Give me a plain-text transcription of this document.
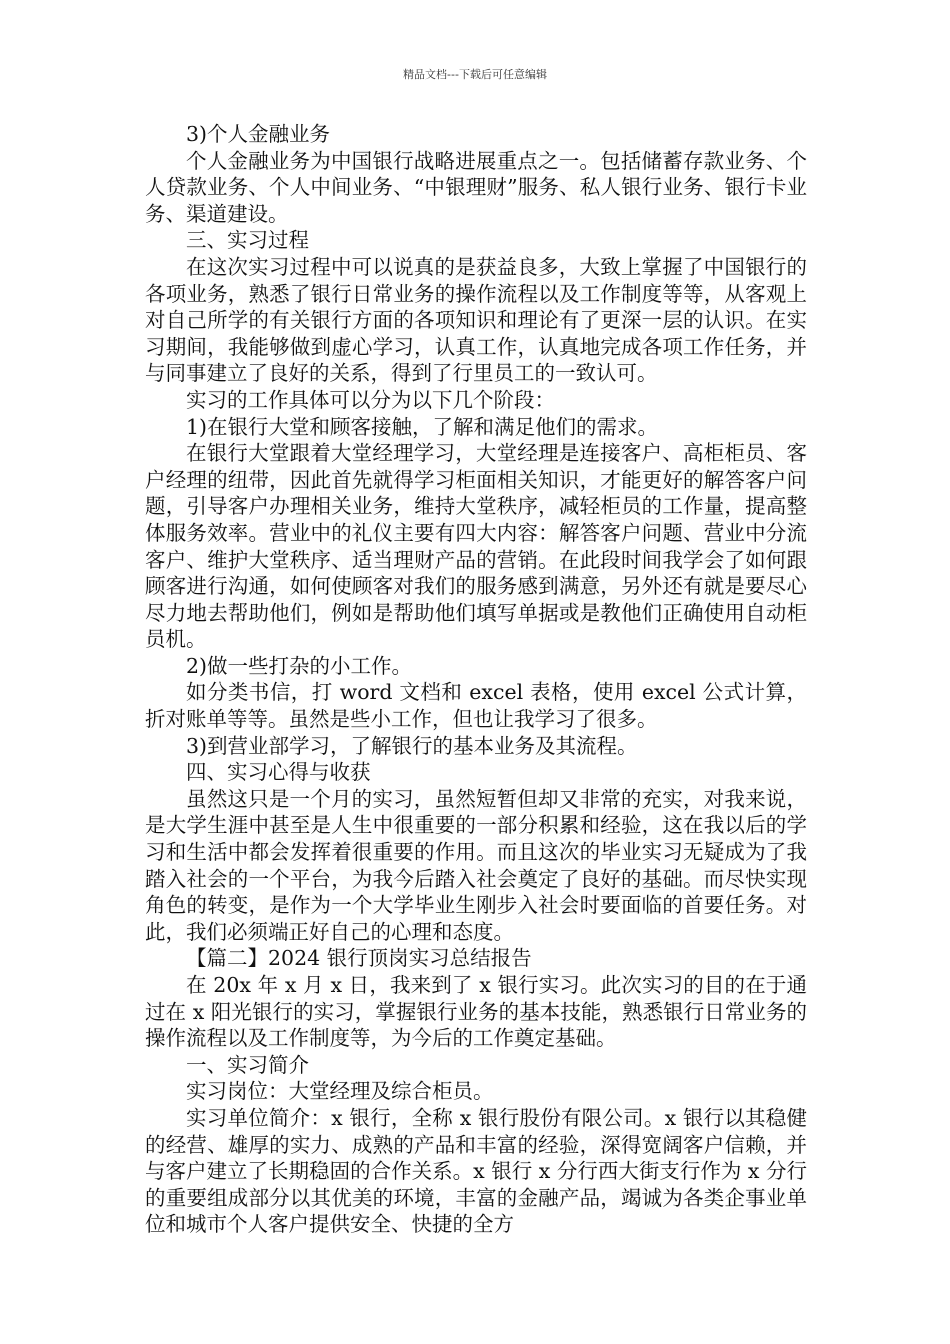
精品文档---下载后可任意编辑

3)个人金融业务

个人金融业务为中国银行战略进展重点之一。包括储蓄存款业务、个人贷款业务、个人中间业务、“中银理财”服务、私人银行业务、银行卡业务、渠道建设。

三、实习过程

在这次实习过程中可以说真的是获益良多，大致上掌握了中国银行的各项业务，熟悉了银行日常业务的操作流程以及工作制度等等，从客观上对自己所学的有关银行方面的各项知识和理论有了更深一层的认识。在实习期间，我能够做到虚心学习，认真工作，认真地完成各项工作任务，并与同事建立了良好的关系，得到了行里员工的一致认可。

实习的工作具体可以分为以下几个阶段：

1)在银行大堂和顾客接触，了解和满足他们的需求。

在银行大堂跟着大堂经理学习，大堂经理是连接客户、高柜柜员、客户经理的纽带，因此首先就得学习柜面相关知识，才能更好的解答客户问题，引导客户办理相关业务，维持大堂秩序，减轻柜员的工作量，提高整体服务效率。营业中的礼仪主要有四大内容：解答客户问题、营业中分流客户、维护大堂秩序、适当理财产品的营销。在此段时间我学会了如何跟顾客进行沟通，如何使顾客对我们的服务感到满意，另外还有就是要尽心尽力地去帮助他们，例如是帮助他们填写单据或是教他们正确使用自动柜员机。

2)做一些打杂的小工作。

如分类书信，打 word 文档和 excel 表格，使用 excel 公式计算，折对账单等等。虽然是些小工作，但也让我学习了很多。

3)到营业部学习，了解银行的基本业务及其流程。

四、实习心得与收获

虽然这只是一个月的实习，虽然短暂但却又非常的充实，对我来说，是大学生涯中甚至是人生中很重要的一部分积累和经验，这在我以后的学习和生活中都会发挥着很重要的作用。而且这次的毕业实习无疑成为了我踏入社会的一个平台，为我今后踏入社会奠定了良好的基础。而尽快实现角色的转变，是作为一个大学毕业生刚步入社会时要面临的首要任务。对此，我们必须端正好自己的心理和态度。

【篇二】2024 银行顶岗实习总结报告

在 20x 年 x 月 x 日，我来到了 x 银行实习。此次实习的目的在于通过在 x 阳光银行的实习，掌握银行业务的基本技能，熟悉银行日常业务的操作流程以及工作制度等，为今后的工作奠定基础。

一、实习简介

实习岗位：大堂经理及综合柜员。

实习单位简介：x 银行，全称 x 银行股份有限公司。x 银行以其稳健的经营、雄厚的实力、成熟的产品和丰富的经验，深得宽阔客户信赖，并与客户建立了长期稳固的合作关系。x 银行 x 分行西大街支行作为 x 分行的重要组成部分以其优美的环境，丰富的金融产品，竭诚为各类企事业单位和城市个人客户提供安全、快捷的全方
